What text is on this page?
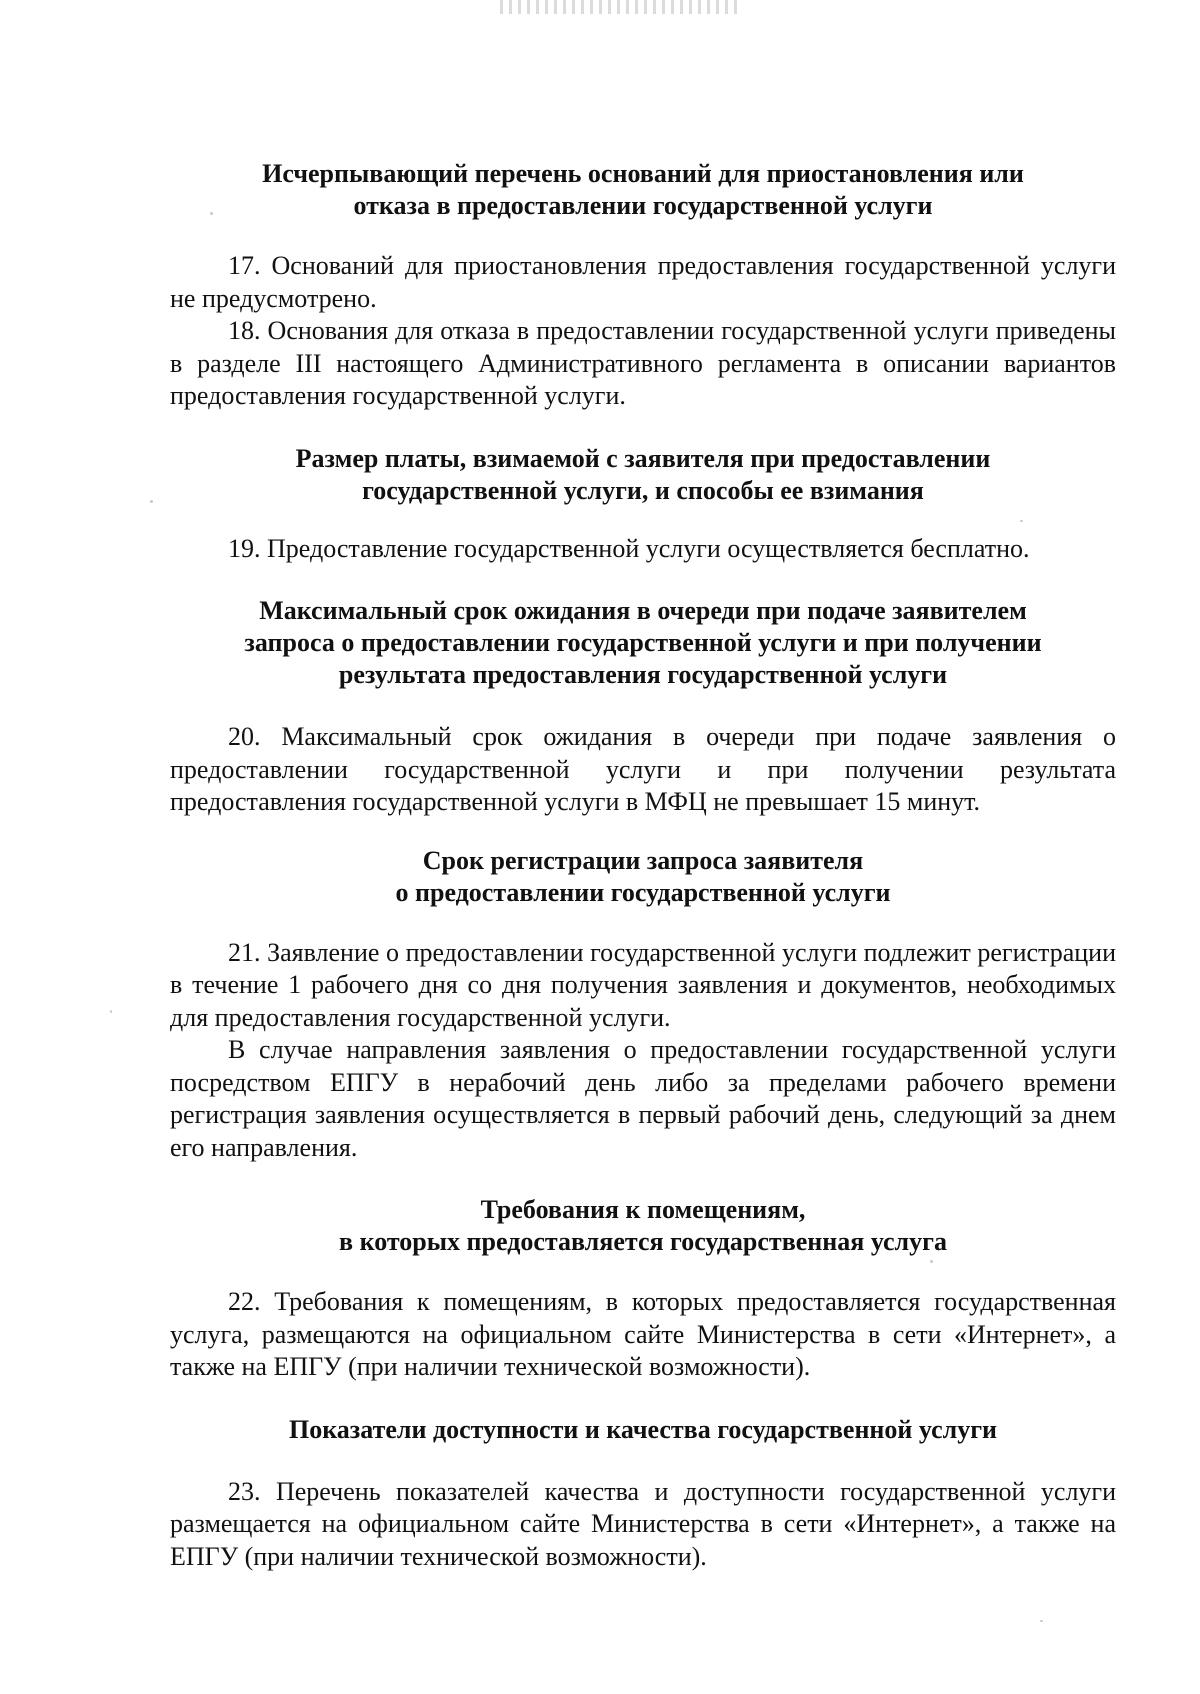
Исчерпывающий перечень оснований для приостановления или
отказа в предоставлении государственной услуги

17. Оснований для приостановления предоставления государственной услуги не предусмотрено.

18. Основания для отказа в предоставлении государственной услуги приведены в разделе III настоящего Административного регламента в описании вариантов предоставления государственной услуги.

Размер платы, взимаемой с заявителя при предоставлении
государственной услуги, и способы ее взимания

19. Предоставление государственной услуги осуществляется бесплатно.

Максимальный срок ожидания в очереди при подаче заявителем
запроса о предоставлении государственной услуги и при получении
результата предоставления государственной услуги

20. Максимальный срок ожидания в очереди при подаче заявления о предоставлении государственной услуги и при получении результата предоставления государственной услуги в МФЦ не превышает 15 минут.

Срок регистрации запроса заявителя
о предоставлении государственной услуги

21. Заявление о предоставлении государственной услуги подлежит регистрации в течение 1 рабочего дня со дня получения заявления и документов, необходимых для предоставления государственной услуги.

В случае направления заявления о предоставлении государственной услуги посредством ЕПГУ в нерабочий день либо за пределами рабочего времени регистрация заявления осуществляется в первый рабочий день, следующий за днем его направления.

Требования к помещениям,
в которых предоставляется государственная услуга

22. Требования к помещениям, в которых предоставляется государственная услуга, размещаются на официальном сайте Министерства в сети «Интернет», а также на ЕПГУ (при наличии технической возможности).

Показатели доступности и качества государственной услуги

23. Перечень показателей качества и доступности государственной услуги размещается на официальном сайте Министерства в сети «Интернет», а также на ЕПГУ (при наличии технической возможности).
